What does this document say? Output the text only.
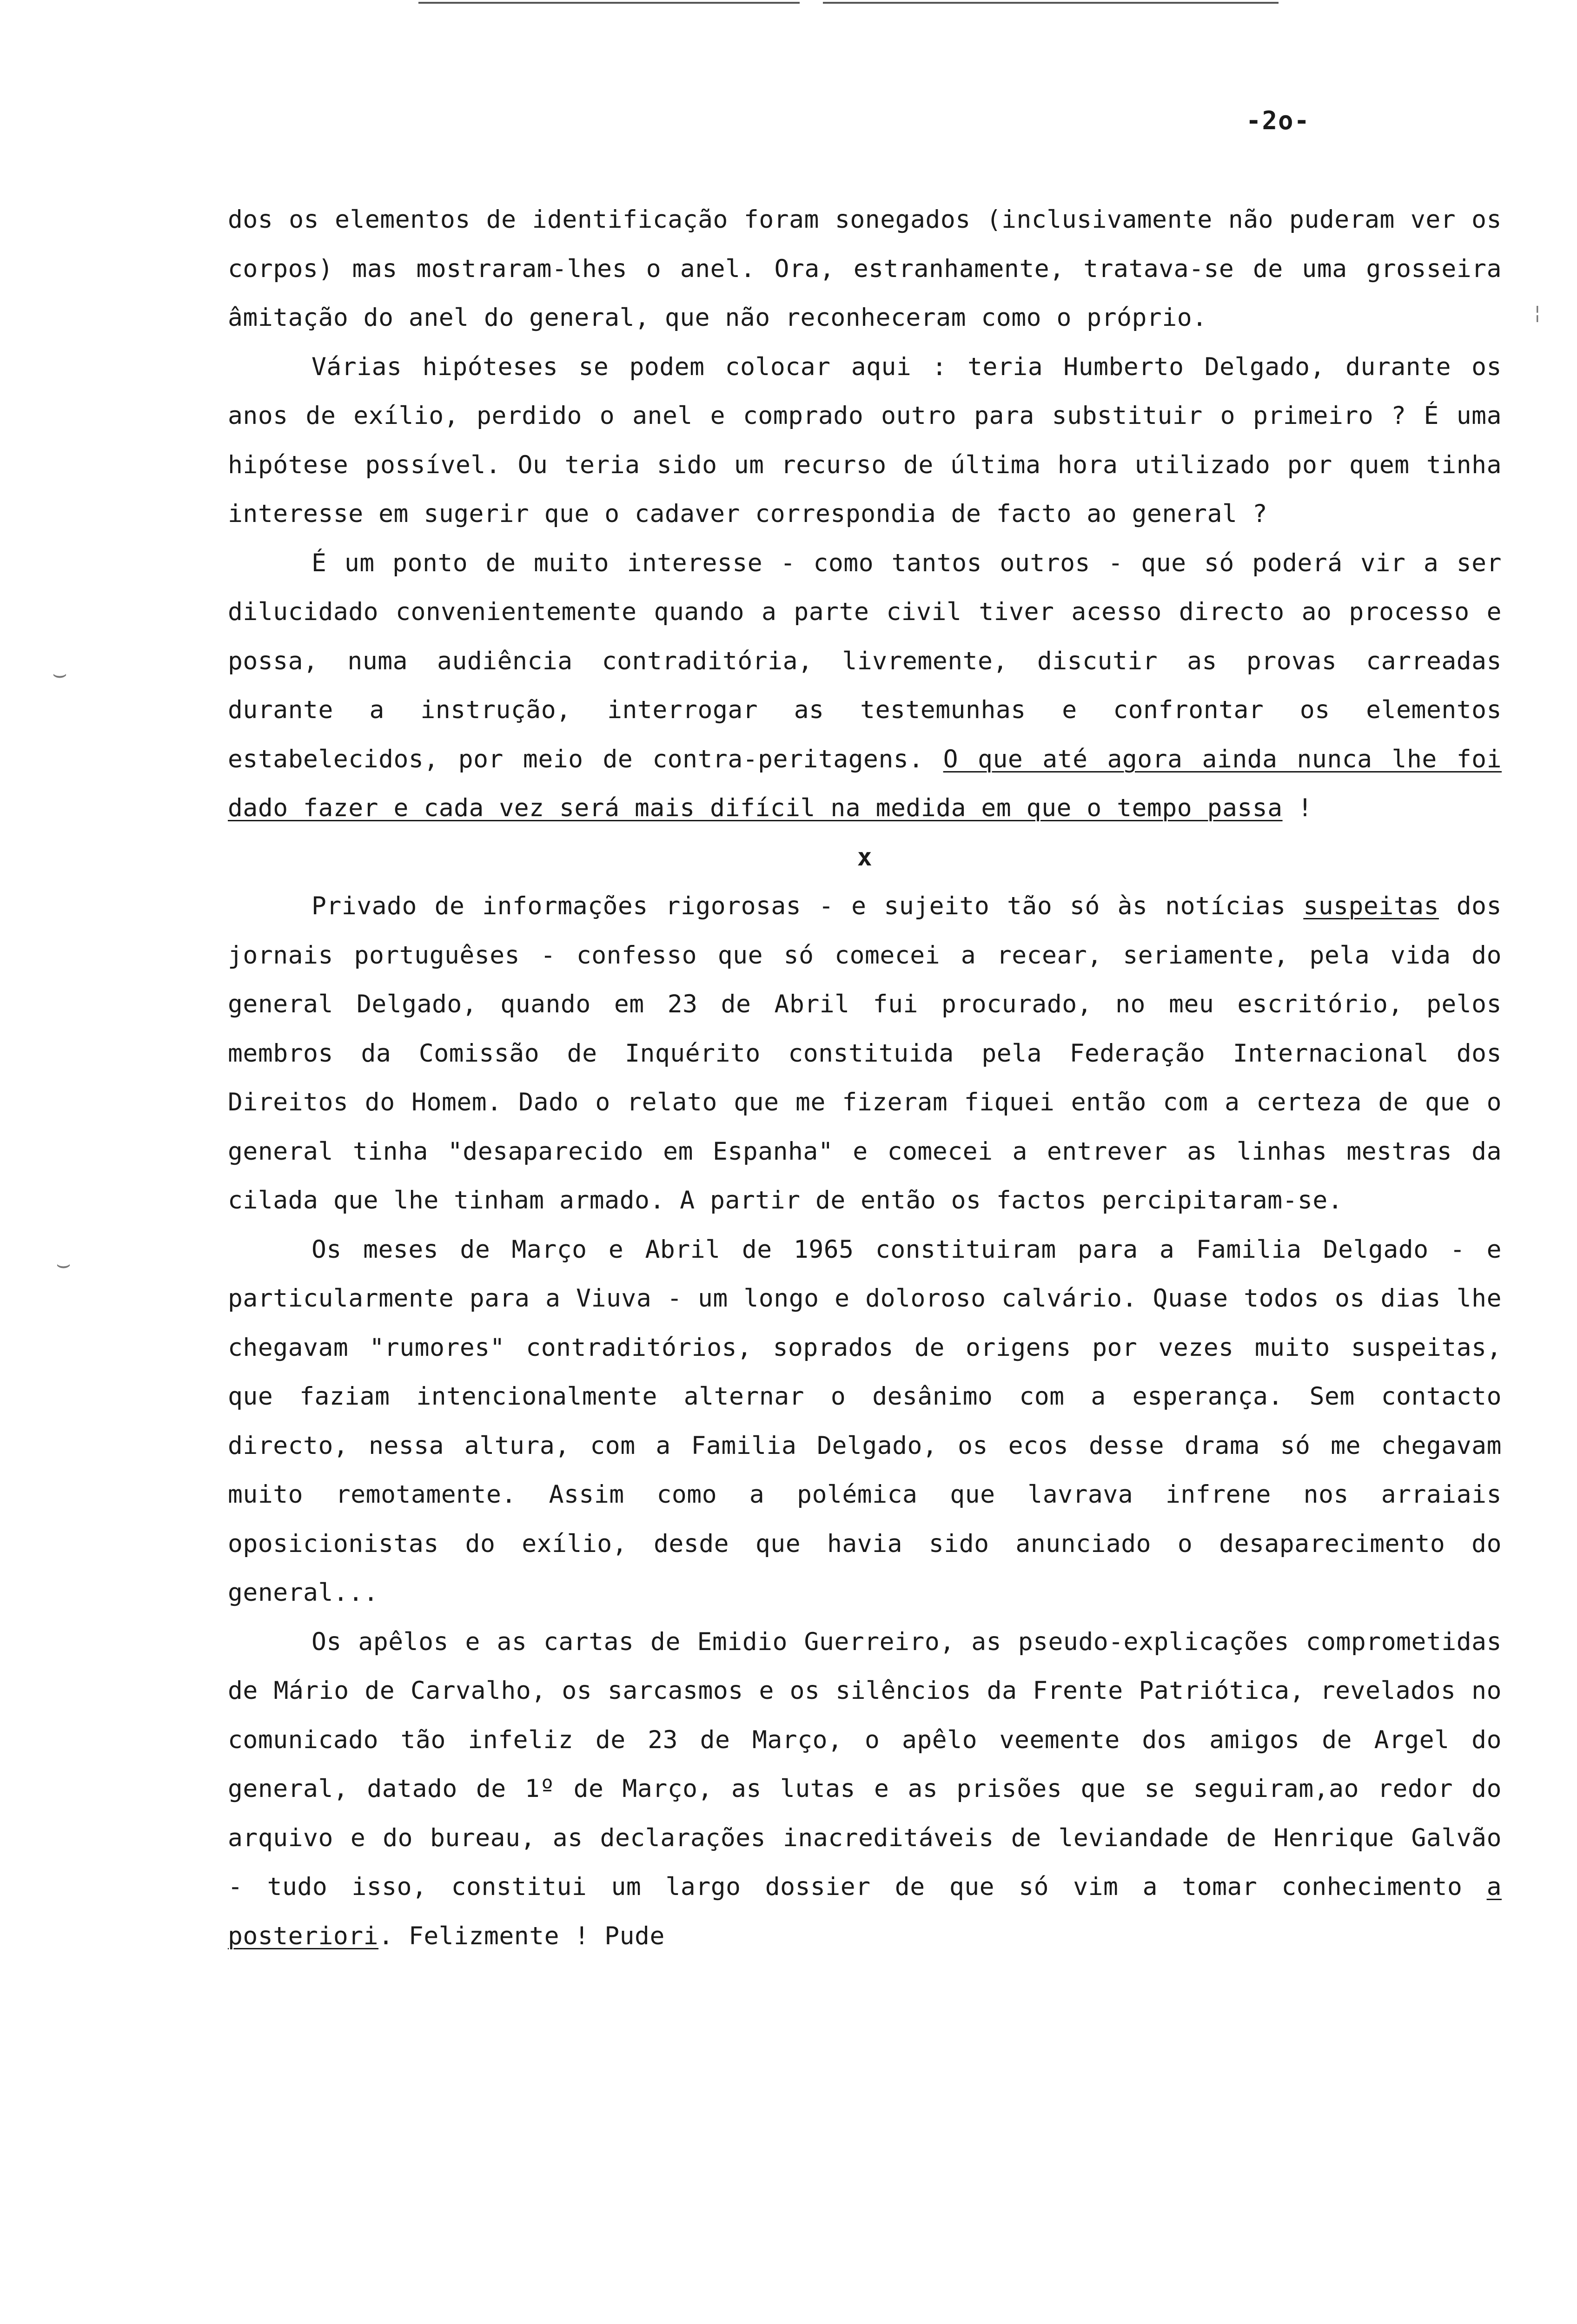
-2o-
⌣
⌣
¦

dos os elementos de identificação foram sonegados (inclusivamente não puderam ver os corpos) mas mostraram-lhes o anel. Ora, estranhamente, tratava-se de uma grosseira âmitação do anel do general, que não reconheceram como o próprio.

Várias hipóteses se podem colocar aqui : teria Humberto Delgado, durante os anos de exílio, perdido o anel e comprado outro para substituir o primeiro ? É uma hipótese possível. Ou teria sido um recurso de última hora utilizado por quem tinha interesse em sugerir que o cadaver correspondia de facto ao general ?

É um ponto de muito interesse - como tantos outros - que só poderá vir a ser dilucidado convenientemente quando a parte civil tiver acesso directo ao processo e possa, numa audiência contraditória, livremente, discutir as provas carreadas durante a instrução, interrogar as testemunhas e confrontar os elementos estabelecidos, por meio de contra-peritagens. O que até agora ainda nunca lhe foi dado fazer e cada vez será mais difícil na medida em que o tempo passa !

x

Privado de informações rigorosas - e sujeito tão só às notícias suspeitas dos jornais portuguêses - confesso que só comecei a recear, seriamente, pela vida do general Delgado, quando em 23 de Abril fui procurado, no meu escritório, pelos membros da Comissão de Inquérito constituida pela Federação Internacional dos Direitos do Homem. Dado o relato que me fizeram fiquei então com a certeza de que o general tinha "desaparecido em Espanha" e comecei a entrever as linhas mestras da cilada que lhe tinham armado. A partir de então os factos percipitaram-se.

Os meses de Março e Abril de 1965 constituiram para a Familia Delgado - e particularmente para a Viuva - um longo e doloroso calvário. Quase todos os dias lhe chegavam "rumores" contraditórios, soprados de origens por vezes muito suspeitas, que faziam intencionalmente alternar o desânimo com a esperança. Sem contacto directo, nessa altura, com a Familia Delgado, os ecos desse drama só me chegavam muito remotamente. Assim como a polémica que lavrava infrene nos arraiais oposicionistas do exílio, desde que havia sido anunciado o desaparecimento do general...

Os apêlos e as cartas de Emidio Guerreiro, as pseudo-explicações comprometidas de Mário de Carvalho, os sarcasmos e os silêncios da Frente Patriótica, revelados no comunicado tão infeliz de 23 de Março, o apêlo veemente dos amigos de Argel do general, datado de 1º de Março, as lutas e as prisões que se seguiram,ao redor do arquivo e do bureau, as declarações inacreditáveis de leviandade de Henrique Galvão - tudo isso, constitui um largo dossier de que só vim a tomar conhecimento a posteriori. Felizmente ! Pude
